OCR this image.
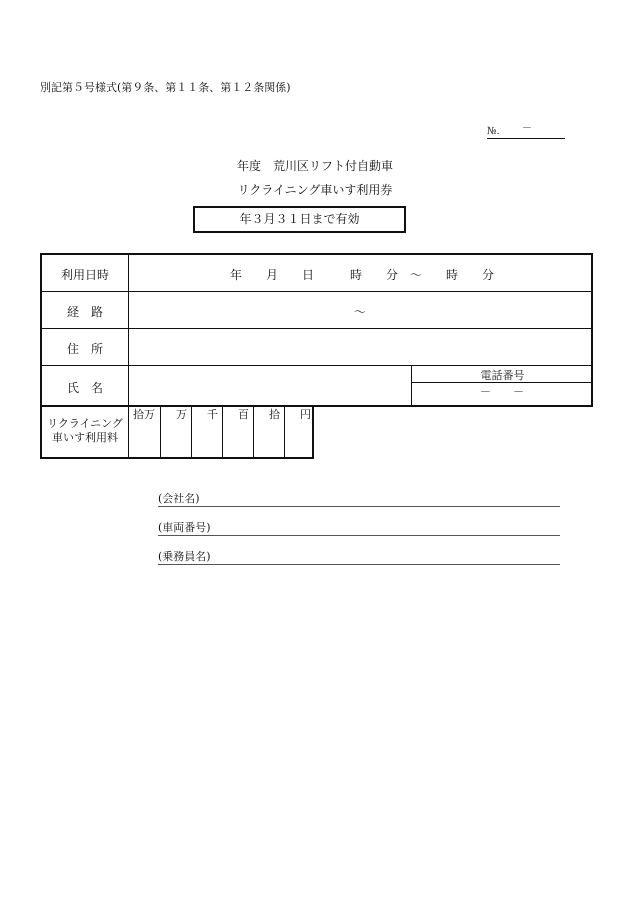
別記第５号様式(第９条、第１１条、第１２条関係)
№. －
年度　荒川区リフト付自動車
リクライニング車いす利用券
年３月３１日まで有効
利用日時	年　　月　　日　　　時　　分　～　　時　　分
経　路	～
住　所
氏　名
電話番号
－　　－
リクライニング
車いす利用料
拾万 万 千 百 拾 円
(会社名)
(車両番号)
(乗務員名)
